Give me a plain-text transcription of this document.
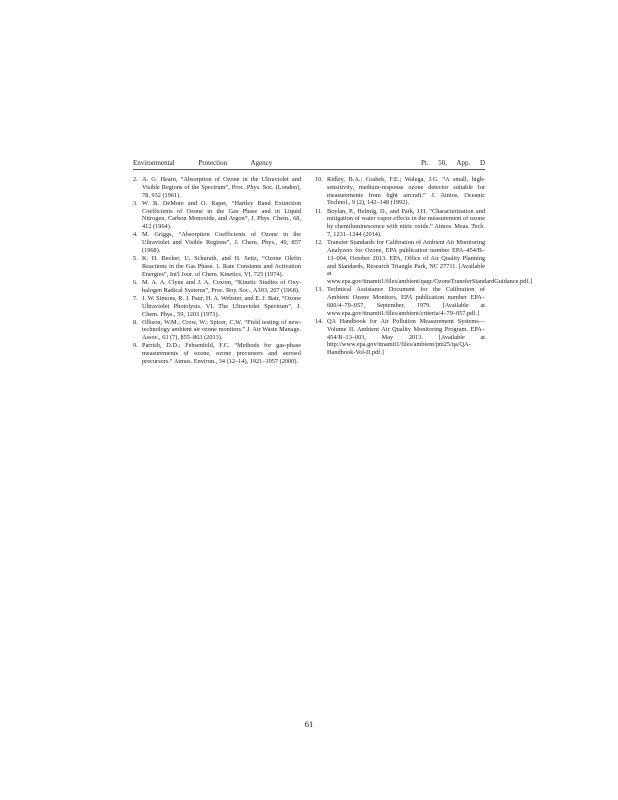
Environmental Protection Agency	Pt. 50, App. D

2. A. G. Hearn, “Absorption of Ozone in the Ultraviolet and Visible Regions of the Spectrum”, Proc. Phys. Soc. (London), 78, 932 (1961).

3. W. B. DeMore and O. Raper, “Hartley Band Extinction Coefficients of Ozone in the Gas Phase and in Liquid Nitrogen, Carbon Monoxide, and Argon”, J. Phys. Chem., 68, 412 (1964).

4. M. Griggs, “Absorption Coefficients of Ozone in the Ultraviolet and Visible Regions”, J. Chem. Phys., 49, 857 (1968).

5. K. H. Becker, U. Schurath, and H. Seitz, “Ozone Olefin Reactions in the Gas Phase. 1. Rate Constants and Activation Energies”, Int'l Jour. of Chem. Kinetics, VI, 725 (1974).

6. M. A. A. Clyne and J. A. Coxom, “Kinetic Studies of Oxy-halogen Radical Systems”, Proc. Roy. Soc., A303, 207 (1968).

7. J. W. Simons, R. J. Paur, H. A. Webster, and E. J. Bair, “Ozone Ultraviolet Photolysis. VI. The Ultraviolet Spectrum”, J. Chem. Phys., 59, 1203 (1973).

8. Ollison, W.M.; Crow, W.; Spicer, C.W. “Field testing of new-technology ambient air ozone monitors.” J. Air Waste Manage. Assoc., 63 (7), 855–863 (2013).

9. Parrish, D.D.; Fehsenfeld, F.C. “Methods for gas-phase measurements of ozone, ozone precursors and aerosol precursors.” Atmos. Environ., 34 (12–14), 1921–1957 (2000).

10. Ridley, B.A.; Grahek, F.E.; Walega, J.G. “A small, high-sensitivity, medium-response ozone detector suitable for measurements from light aircraft.” J. Atmos. Oceanic Technol., 9 (2), 142–148 (1992).

11. Boylan, P., Helmig, D., and Park, J.H. “Characterization and mitigation of water vapor effects in the measurement of ozone by chemiluminescence with nitric oxide.” Atmos. Meas. Tech. 7, 1231–1244 (2014).

12. Transfer Standards for Calibration of Ambient Air Monitoring Analyzers for Ozone, EPA publication number EPA–454/B–13–004, October 2013. EPA, Office of Air Quality Planning and Standards, Research Triangle Park, NC 27711. [Available at www.epa.gov/ttnamti1/files/ambient/qaqc/OzoneTransferStandardGuidance.pdf.]

13. Technical Assistance Document for the Calibration of Ambient Ozone Monitors, EPA publication number EPA–600/4–79–057, September, 1979. [Available at www.epa.gov/ttnamti1/files/ambient/criteria/4–79–057.pdf.]

14. QA Handbook for Air Pollution Measurement Systems—Volume II. Ambient Air Quality Monitoring Program. EPA–454/B–13–003, May 2013. [Available at http://www.epa.gov/ttnamti1/files/ambient/pm25/qa/QA-Handbook-Vol-II.pdf.]

61
